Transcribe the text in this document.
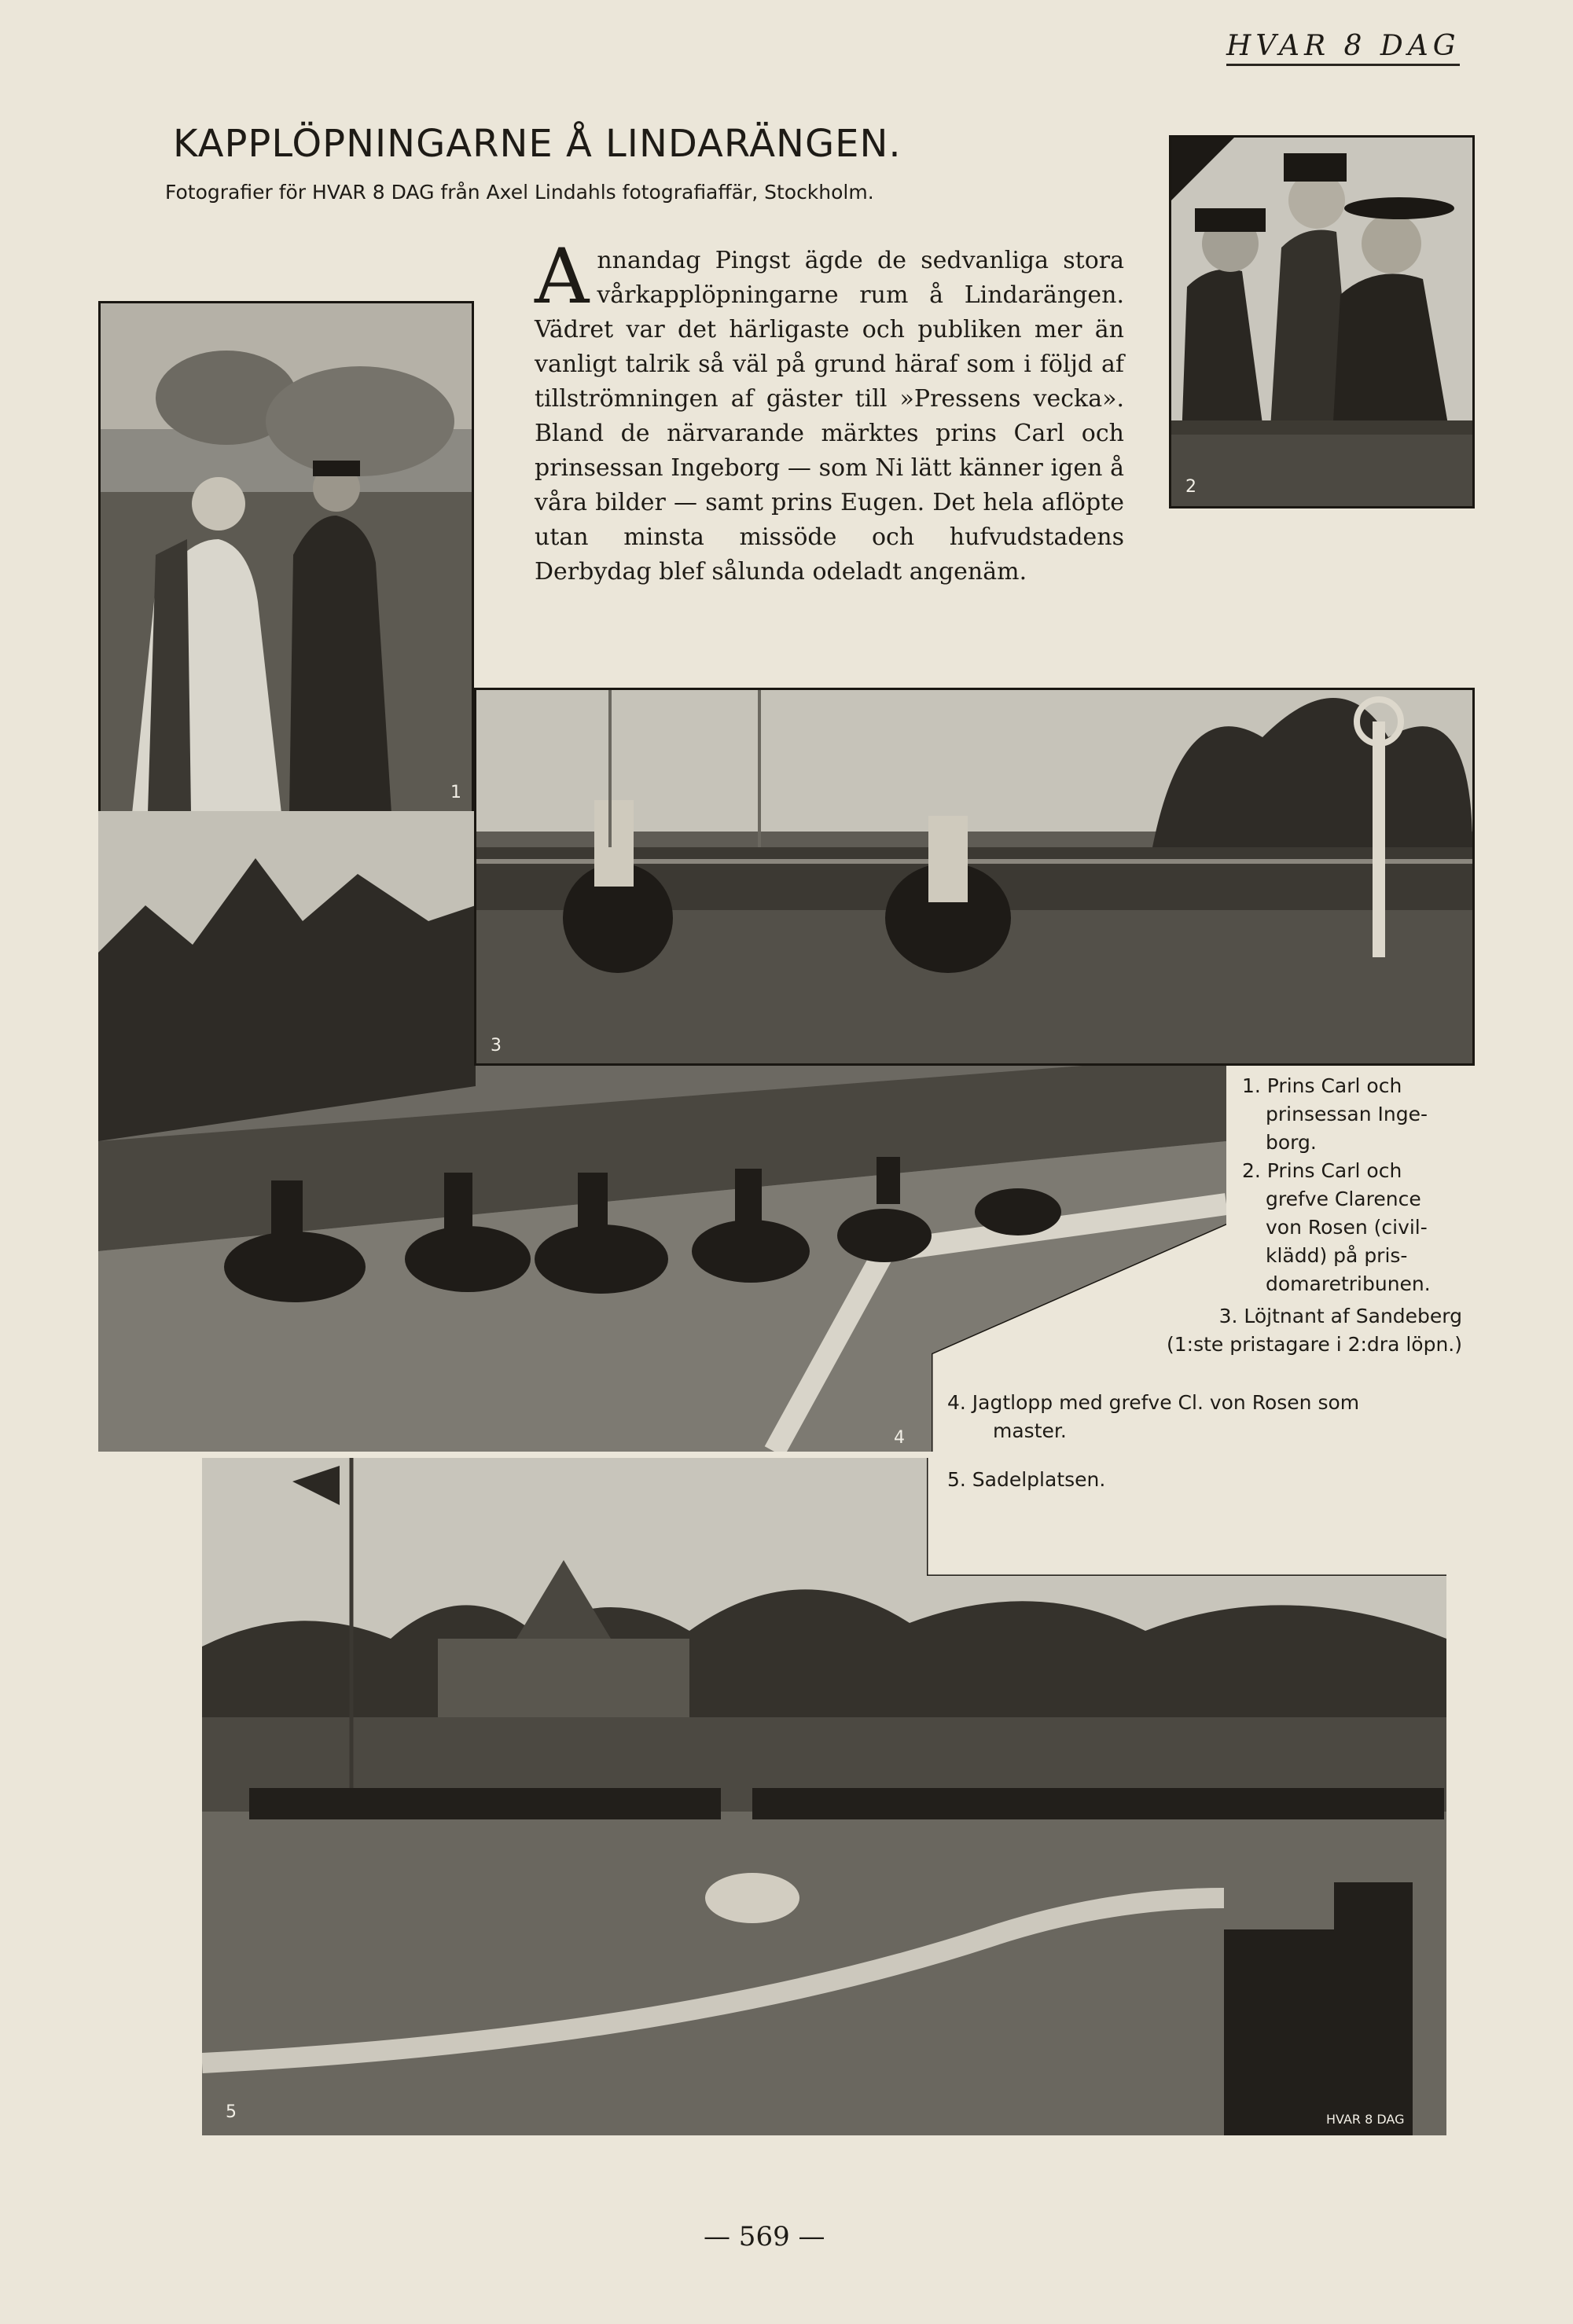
HVAR 8 DAG
KAPPLÖPNINGARNE Å LINDARÄNGEN.
Fotografier för HVAR 8 DAG från Axel Lindahls fotografiaffär, Stockholm.
Annandag Pingst ägde de sedvanliga stora vårkapplöpningarne rum å Lindarängen. Vädret var det härligaste och publiken mer än vanligt talrik så väl på grund häraf som i följd af tillströmningen af gäster till »Pressens vecka». Bland de närvarande märktes prins Carl och prinsessan Ingeborg — som Ni lätt känner igen å våra bilder — samt prins Eugen. Det hela aflöpte utan minsta missöde och hufvudstadens Derbydag blef sålunda odeladt angenäm.
1
2
4
3
5	HVAR 8 DAG
1. Prins Carl och
prinsessan Inge-
borg.
2. Prins Carl och
grefve Clarence
von Rosen (civil-
klädd) på pris-
domaretribunen.
3. Löjtnant af Sandeberg
(1:ste pristagare i 2:dra löpn.)
4. Jagtlopp med grefve Cl. von Rosen som
master.
5. Sadelplatsen.
— 569 —
